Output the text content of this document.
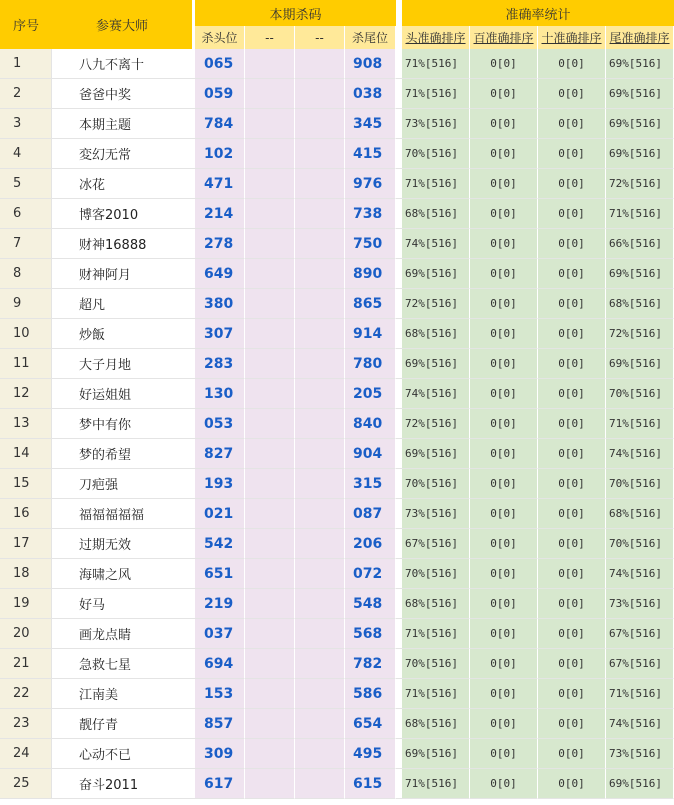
序号	参赛大师		本期杀码					准确率统计			
			杀头位	--	--	杀尾位		头准确排序	百准确排序	十准确排序	尾准确排序
1	八九不离十		065			908		71%[516]	0[0]	0[0]	69%[516]
2	爸爸中奖		059			038		71%[516]	0[0]	0[0]	69%[516]
3	本期主题		784			345		73%[516]	0[0]	0[0]	69%[516]
4	変幻无常		102			415		70%[516]	0[0]	0[0]	69%[516]
5	冰花		471			976		71%[516]	0[0]	0[0]	72%[516]
6	博客2010		214			738		68%[516]	0[0]	0[0]	71%[516]
7	财神16888		278			750		74%[516]	0[0]	0[0]	66%[516]
8	财神阿月		649			890		69%[516]	0[0]	0[0]	69%[516]
9	超凡		380			865		72%[516]	0[0]	0[0]	68%[516]
10	炒飯		307			914		68%[516]	0[0]	0[0]	72%[516]
11	大子月地		283			780		69%[516]	0[0]	0[0]	69%[516]
12	好运姐姐		130			205		74%[516]	0[0]	0[0]	70%[516]
13	梦中有你		053			840		72%[516]	0[0]	0[0]	71%[516]
14	梦的希望		827			904		69%[516]	0[0]	0[0]	74%[516]
15	刀疤强		193			315		70%[516]	0[0]	0[0]	70%[516]
16	福福福福福		021			087		73%[516]	0[0]	0[0]	68%[516]
17	过期无效		542			206		67%[516]	0[0]	0[0]	70%[516]
18	海啸之风		651			072		70%[516]	0[0]	0[0]	74%[516]
19	好马		219			548		68%[516]	0[0]	0[0]	73%[516]
20	画龙点睛		037			568		71%[516]	0[0]	0[0]	67%[516]
21	急救七星		694			782		70%[516]	0[0]	0[0]	67%[516]
22	江南美		153			586		71%[516]	0[0]	0[0]	71%[516]
23	靓仔青		857			654		68%[516]	0[0]	0[0]	74%[516]
24	心动不已		309			495		69%[516]	0[0]	0[0]	73%[516]
25	奋斗2011		617			615		71%[516]	0[0]	0[0]	69%[516]
